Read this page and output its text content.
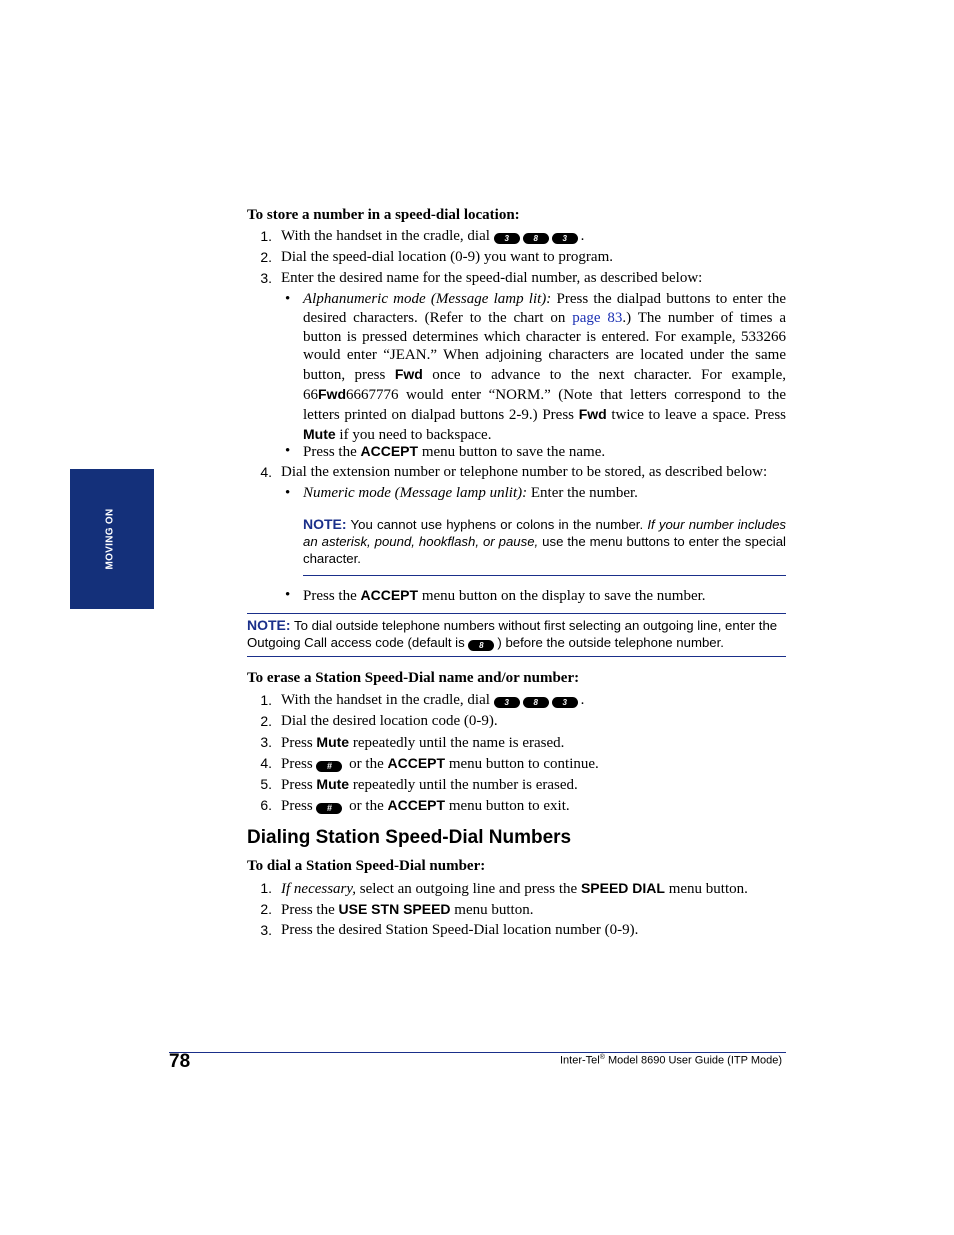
MOVING ON
To store a number in a speed-dial location:
1. With the handset in the cradle, dial 3	8	3 .
2. Dial the speed-dial location (0-9) you want to program.
3. Enter the desired name for the speed-dial number, as described below:
• Alphanumeric mode (Message lamp lit): Press the dialpad buttons to enter the desired characters. (Refer to the chart on page 83.) The number of times a button is pressed determines which character is entered. For example, 533266 would enter “JEAN.” When adjoining characters are located under the same button, press Fwd once to advance to the next character. For example, 66Fwd6667776 would enter “NORM.” (Note that letters correspond to the letters printed on dialpad buttons 2-9.) Press Fwd twice to leave a space. Press Mute if you need to backspace.
• Press the ACCEPT menu button to save the name.
4. Dial the extension number or telephone number to be stored, as described below:
• Numeric mode (Message lamp unlit): Enter the number.
NOTE: You cannot use hyphens or colons in the number. If your number includes an asterisk, pound, hookflash, or pause, use the menu buttons to enter the special character.
• Press the ACCEPT menu button on the display to save the number.
NOTE: To dial outside telephone numbers without first selecting an outgoing line, enter the Outgoing Call access code (default is 8 ) before the outside telephone number.
To erase a Station Speed-Dial name and/or number:
1. With the handset in the cradle, dial 3	8	3 .
2. Dial the desired location code (0-9).
3. Press Mute repeatedly until the name is erased.
4. Press # or the ACCEPT menu button to continue.
5. Press Mute repeatedly until the number is erased.
6. Press # or the ACCEPT menu button to exit.
Dialing Station Speed-Dial Numbers
To dial a Station Speed-Dial number:
1. If necessary, select an outgoing line and press the SPEED DIAL menu button.
2. Press the USE STN SPEED menu button.
3. Press the desired Station Speed-Dial location number (0-9).
78	Inter-Tel® Model 8690 User Guide (ITP Mode)
